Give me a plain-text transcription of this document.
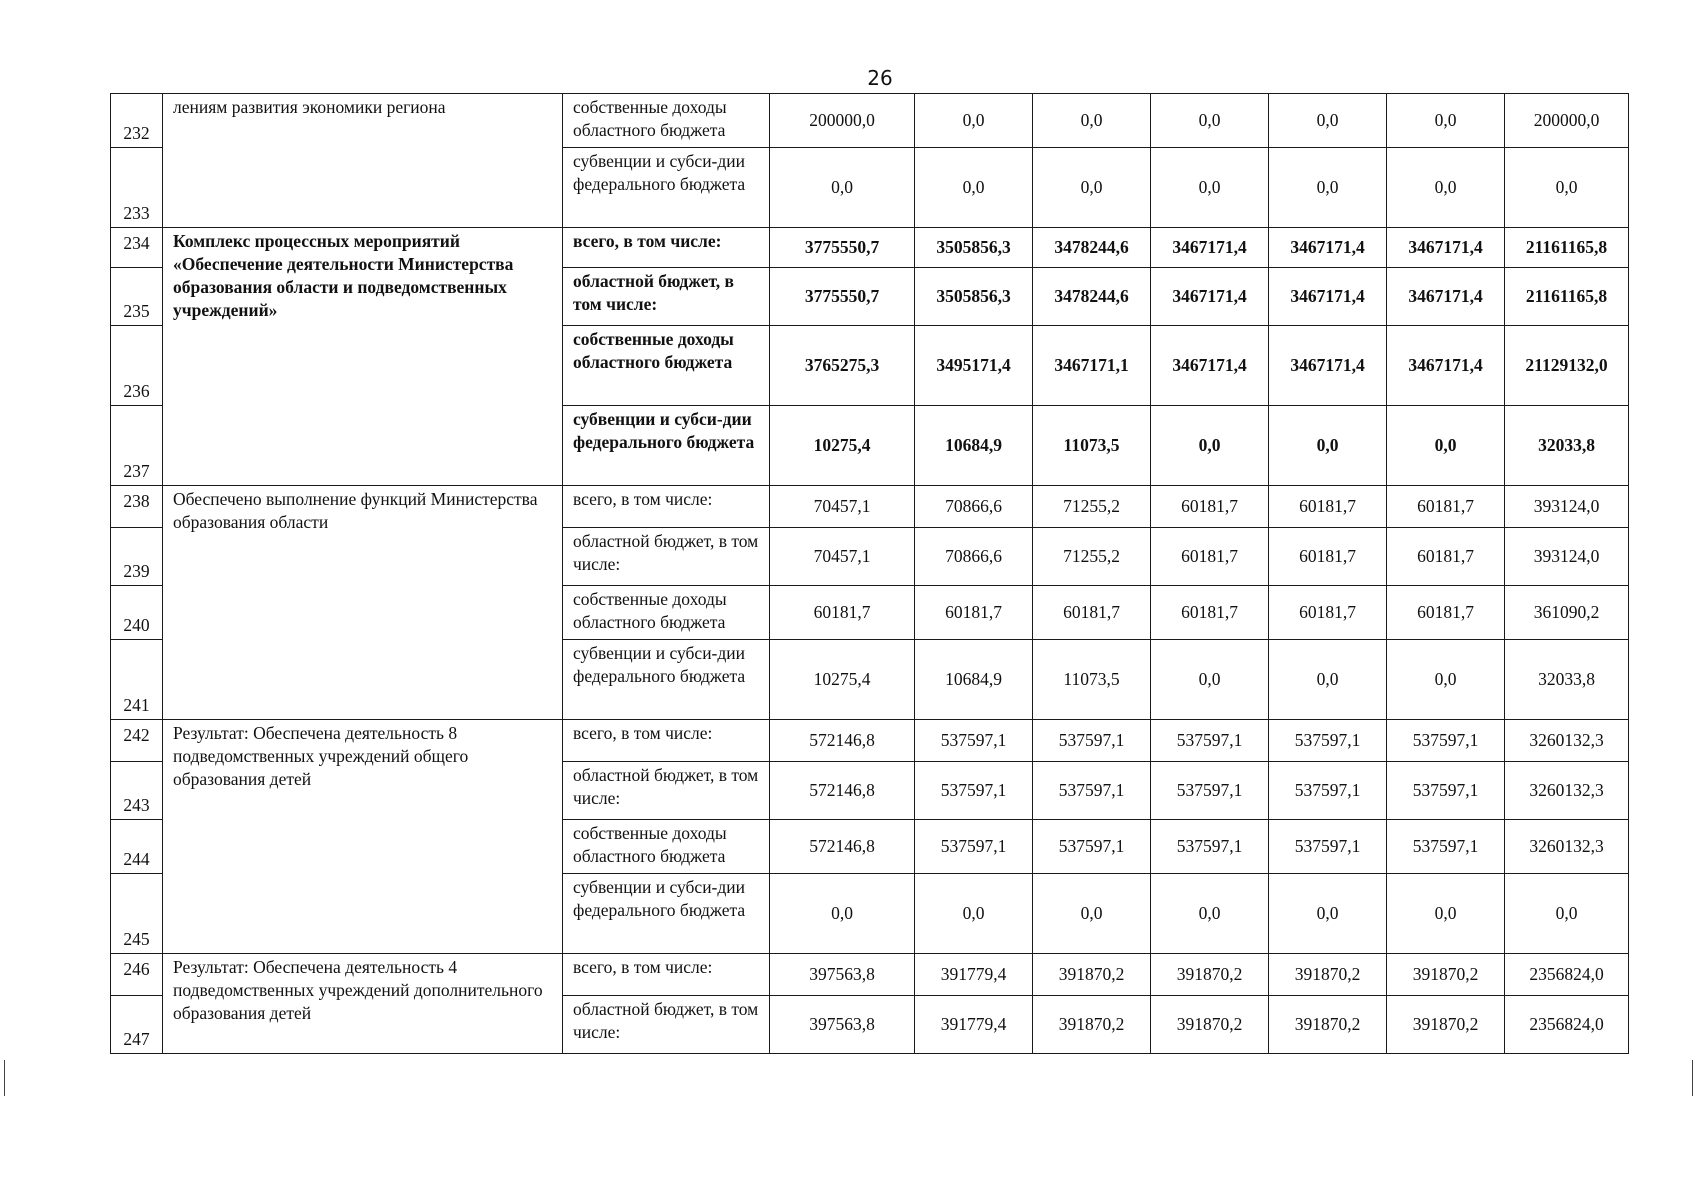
26
232	лениям развития экономики региона	собственные доходы областного бюджета	200000,0	0,0	0,0	0,0	0,0	0,0	200000,0
233		субвенции и субси-дии федерального бюджета	0,0	0,0	0,0	0,0	0,0	0,0	0,0
234	Комплекс процессных мероприятий «Обеспечение деятельности Министерства образования области и подведомственных учреждений»	всего, в том числе:	3775550,7	3505856,3	3478244,6	3467171,4	3467171,4	3467171,4	21161165,8
235		областной бюджет, в том числе:	3775550,7	3505856,3	3478244,6	3467171,4	3467171,4	3467171,4	21161165,8
236		собственные доходы областного бюджета	3765275,3	3495171,4	3467171,1	3467171,4	3467171,4	3467171,4	21129132,0
237		субвенции и субси-дии федерального бюджета	10275,4	10684,9	11073,5	0,0	0,0	0,0	32033,8
238	Обеспечено выполнение функций Министерства образования области	всего, в том числе:	70457,1	70866,6	71255,2	60181,7	60181,7	60181,7	393124,0
239		областной бюджет, в том числе:	70457,1	70866,6	71255,2	60181,7	60181,7	60181,7	393124,0
240		собственные доходы областного бюджета	60181,7	60181,7	60181,7	60181,7	60181,7	60181,7	361090,2
241		субвенции и субси-дии федерального бюджета	10275,4	10684,9	11073,5	0,0	0,0	0,0	32033,8
242	Результат: Обеспечена деятельность 8 подведомственных учреждений общего образования детей	всего, в том числе:	572146,8	537597,1	537597,1	537597,1	537597,1	537597,1	3260132,3
243		областной бюджет, в том числе:	572146,8	537597,1	537597,1	537597,1	537597,1	537597,1	3260132,3
244		собственные доходы областного бюджета	572146,8	537597,1	537597,1	537597,1	537597,1	537597,1	3260132,3
245		субвенции и субси-дии федерального бюджета	0,0	0,0	0,0	0,0	0,0	0,0	0,0
246	Результат: Обеспечена деятельность 4 подведомственных учреждений дополнительного образования детей	всего, в том числе:	397563,8	391779,4	391870,2	391870,2	391870,2	391870,2	2356824,0
247		областной бюджет, в том числе:	397563,8	391779,4	391870,2	391870,2	391870,2	391870,2	2356824,0
